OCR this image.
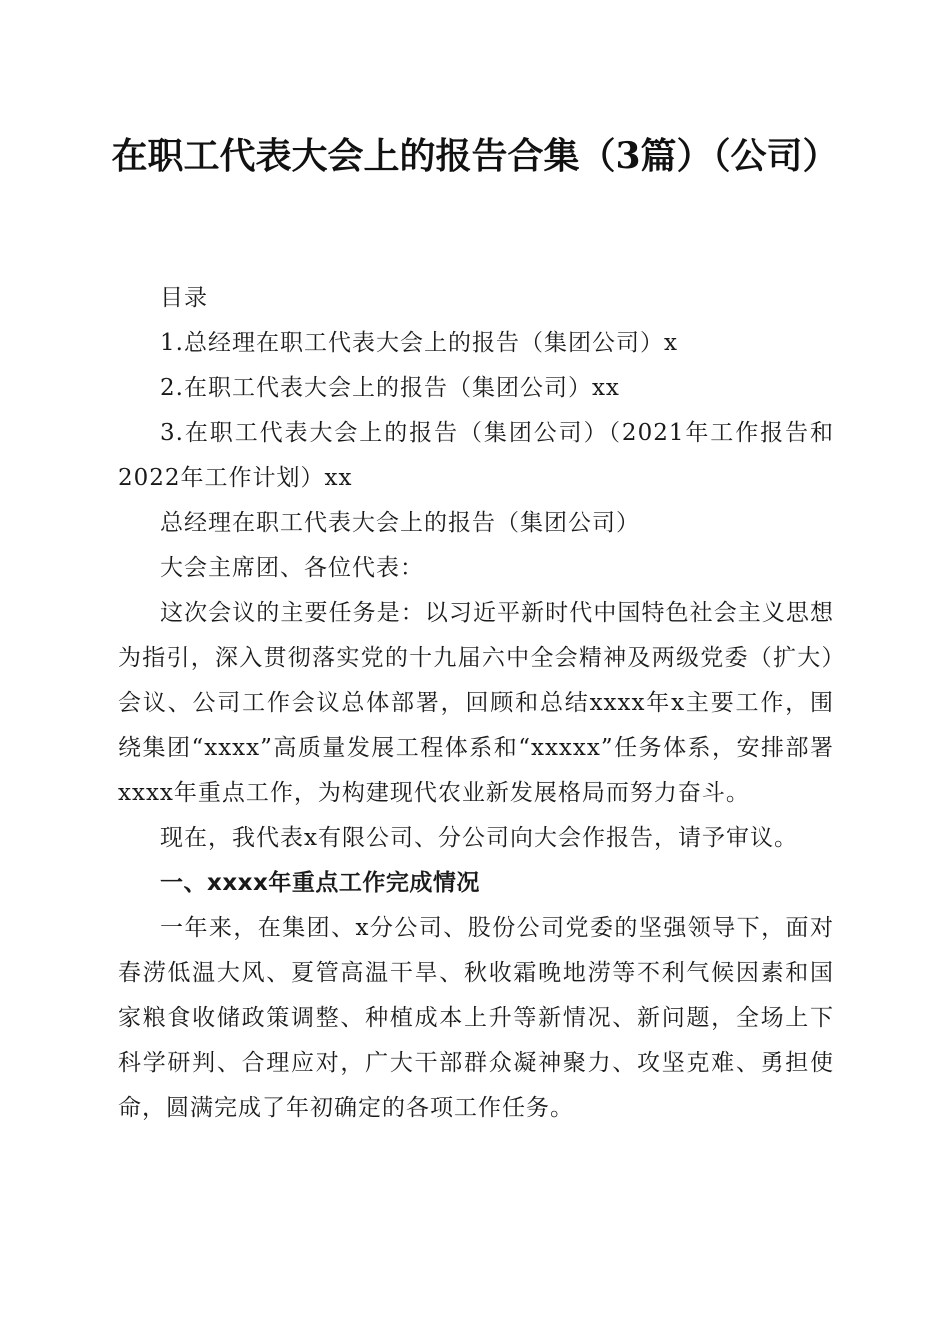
在职工代表大会上的报告合集（3篇）（公司）

目录

1.总经理在职工代表大会上的报告（集团公司）x

2.在职工代表大会上的报告（集团公司）xx

3.在职工代表大会上的报告（集团公司）（2021年工作报告和2022年工作计划）xx

总经理在职工代表大会上的报告（集团公司）

大会主席团、各位代表：

这次会议的主要任务是：以习近平新时代中国特色社会主义思想为指引，深入贯彻落实党的十九届六中全会精神及两级党委（扩大）会议、公司工作会议总体部署，回顾和总结xxxx年x主要工作，围绕集团“xxxx”高质量发展工程体系和“xxxxx”任务体系，安排部署xxxx年重点工作，为构建现代农业新发展格局而努力奋斗。

现在，我代表x有限公司、分公司向大会作报告，请予审议。

一、xxxx年重点工作完成情况

一年来，在集团、x分公司、股份公司党委的坚强领导下，面对春涝低温大风、夏管高温干旱、秋收霜晚地涝等不利气候因素和国家粮食收储政策调整、种植成本上升等新情况、新问题，全场上下科学研判、合理应对，广大干部群众凝神聚力、攻坚克难、勇担使命，圆满完成了年初确定的各项工作任务。
